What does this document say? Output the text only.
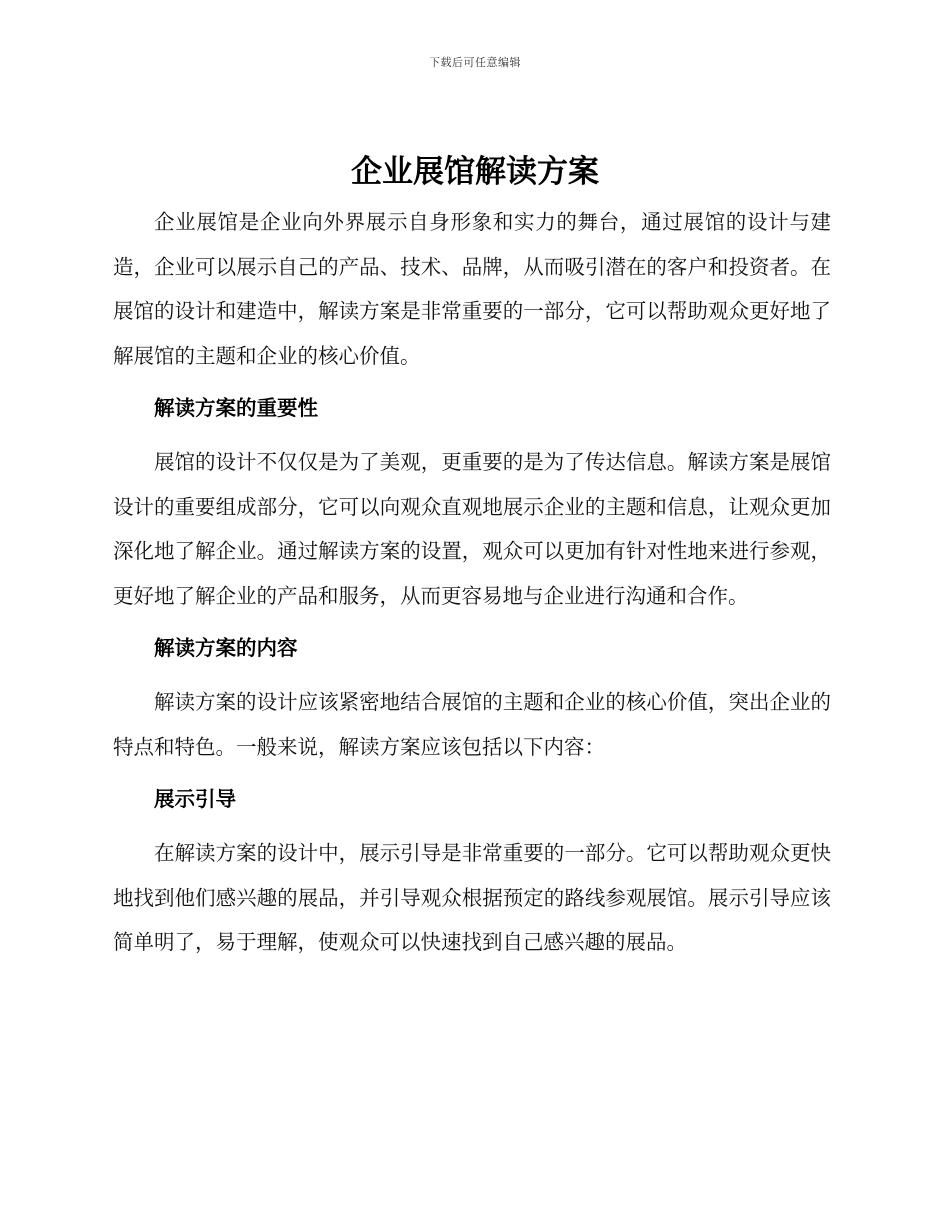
下载后可任意编辑
企业展馆解读方案

企业展馆是企业向外界展示自身形象和实力的舞台，通过展馆的设计与建造，企业可以展示自己的产品、技术、品牌，从而吸引潜在的客户和投资者。在展馆的设计和建造中，解读方案是非常重要的一部分，它可以帮助观众更好地了解展馆的主题和企业的核心价值。

解读方案的重要性

展馆的设计不仅仅是为了美观，更重要的是为了传达信息。解读方案是展馆设计的重要组成部分，它可以向观众直观地展示企业的主题和信息，让观众更加深化地了解企业。通过解读方案的设置，观众可以更加有针对性地来进行参观，更好地了解企业的产品和服务，从而更容易地与企业进行沟通和合作。

解读方案的内容

解读方案的设计应该紧密地结合展馆的主题和企业的核心价值，突出企业的特点和特色。一般来说，解读方案应该包括以下内容：

展示引导

在解读方案的设计中，展示引导是非常重要的一部分。它可以帮助观众更快地找到他们感兴趣的展品，并引导观众根据预定的路线参观展馆。展示引导应该简单明了，易于理解，使观众可以快速找到自己感兴趣的展品。
